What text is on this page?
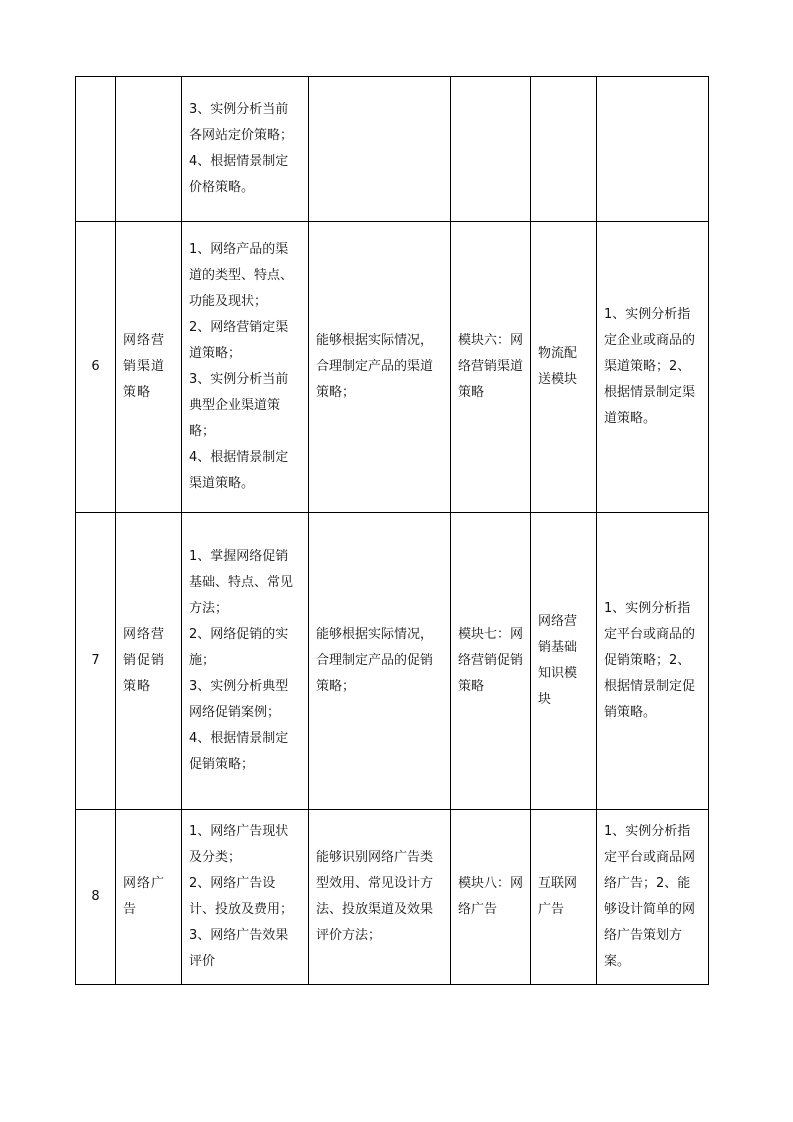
		3、实例分析当前各网站定价策略；
4、根据情景制定价格策略。				

6	网络营销渠道策略	1、网络产品的渠道的类型、特点、功能及现状；
2、网络营销定渠道策略；
3、实例分析当前典型企业渠道策略；
4、根据情景制定渠道策略。	能够根据实际情况，合理制定产品的渠道策略；	模块六：网络营销渠道策略	物流配送模块	1、实例分析指定企业或商品的渠道策略；2、根据情景制定渠道策略。
7	网络营销促销策略	1、掌握网络促销基础、特点、常见方法；
2、网络促销的实施；
3、实例分析典型网络促销案例；
4、根据情景制定促销策略；	能够根据实际情况，合理制定产品的促销策略；	模块七：网络营销促销策略	网络营销基础知识模块	1、实例分析指定平台或商品的促销策略；2、根据情景制定促销策略。
8	网络广告	1、网络广告现状及分类；
2、网络广告设计、投放及费用；
3、网络广告效果评价	能够识别网络广告类型效用、常见设计方法、投放渠道及效果评价方法；	模块八：网络广告	互联网广告	1、实例分析指定平台或商品网络广告；2、能够设计简单的网络广告策划方案。
